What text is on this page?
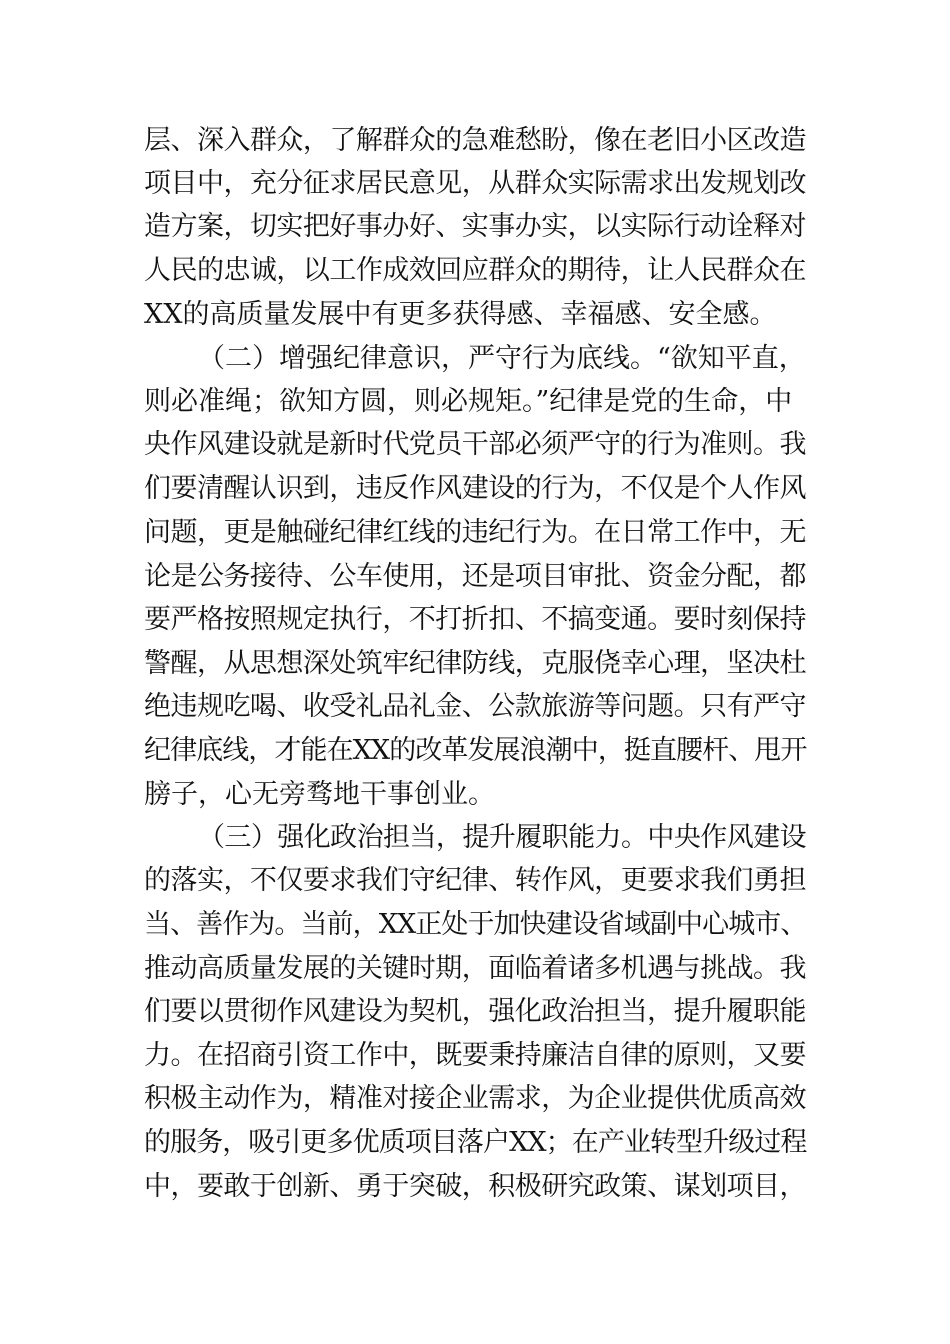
层、深入群众，了解群众的急难愁盼，像在老旧小区改造
项目中，充分征求居民意见，从群众实际需求出发规划改
造方案，切实把好事办好、实事办实，以实际行动诠释对
人民的忠诚，以工作成效回应群众的期待，让人民群众在
XX的高质量发展中有更多获得感、幸福感、安全感。
（二）增强纪律意识，严守行为底线。“欲知平直，
则必准绳；欲知方圆，则必规矩。”纪律是党的生命，中
央作风建设就是新时代党员干部必须严守的行为准则。我
们要清醒认识到，违反作风建设的行为，不仅是个人作风
问题，更是触碰纪律红线的违纪行为。在日常工作中，无
论是公务接待、公车使用，还是项目审批、资金分配，都
要严格按照规定执行，不打折扣、不搞变通。要时刻保持
警醒，从思想深处筑牢纪律防线，克服侥幸心理，坚决杜
绝违规吃喝、收受礼品礼金、公款旅游等问题。只有严守
纪律底线，才能在XX的改革发展浪潮中，挺直腰杆、甩开
膀子，心无旁骛地干事创业。
（三）强化政治担当，提升履职能力。中央作风建设
的落实，不仅要求我们守纪律、转作风，更要求我们勇担
当、善作为。当前，XX正处于加快建设省域副中心城市、
推动高质量发展的关键时期，面临着诸多机遇与挑战。我
们要以贯彻作风建设为契机，强化政治担当，提升履职能
力。在招商引资工作中，既要秉持廉洁自律的原则，又要
积极主动作为，精准对接企业需求，为企业提供优质高效
的服务，吸引更多优质项目落户XX；在产业转型升级过程
中，要敢于创新、勇于突破，积极研究政策、谋划项目，
